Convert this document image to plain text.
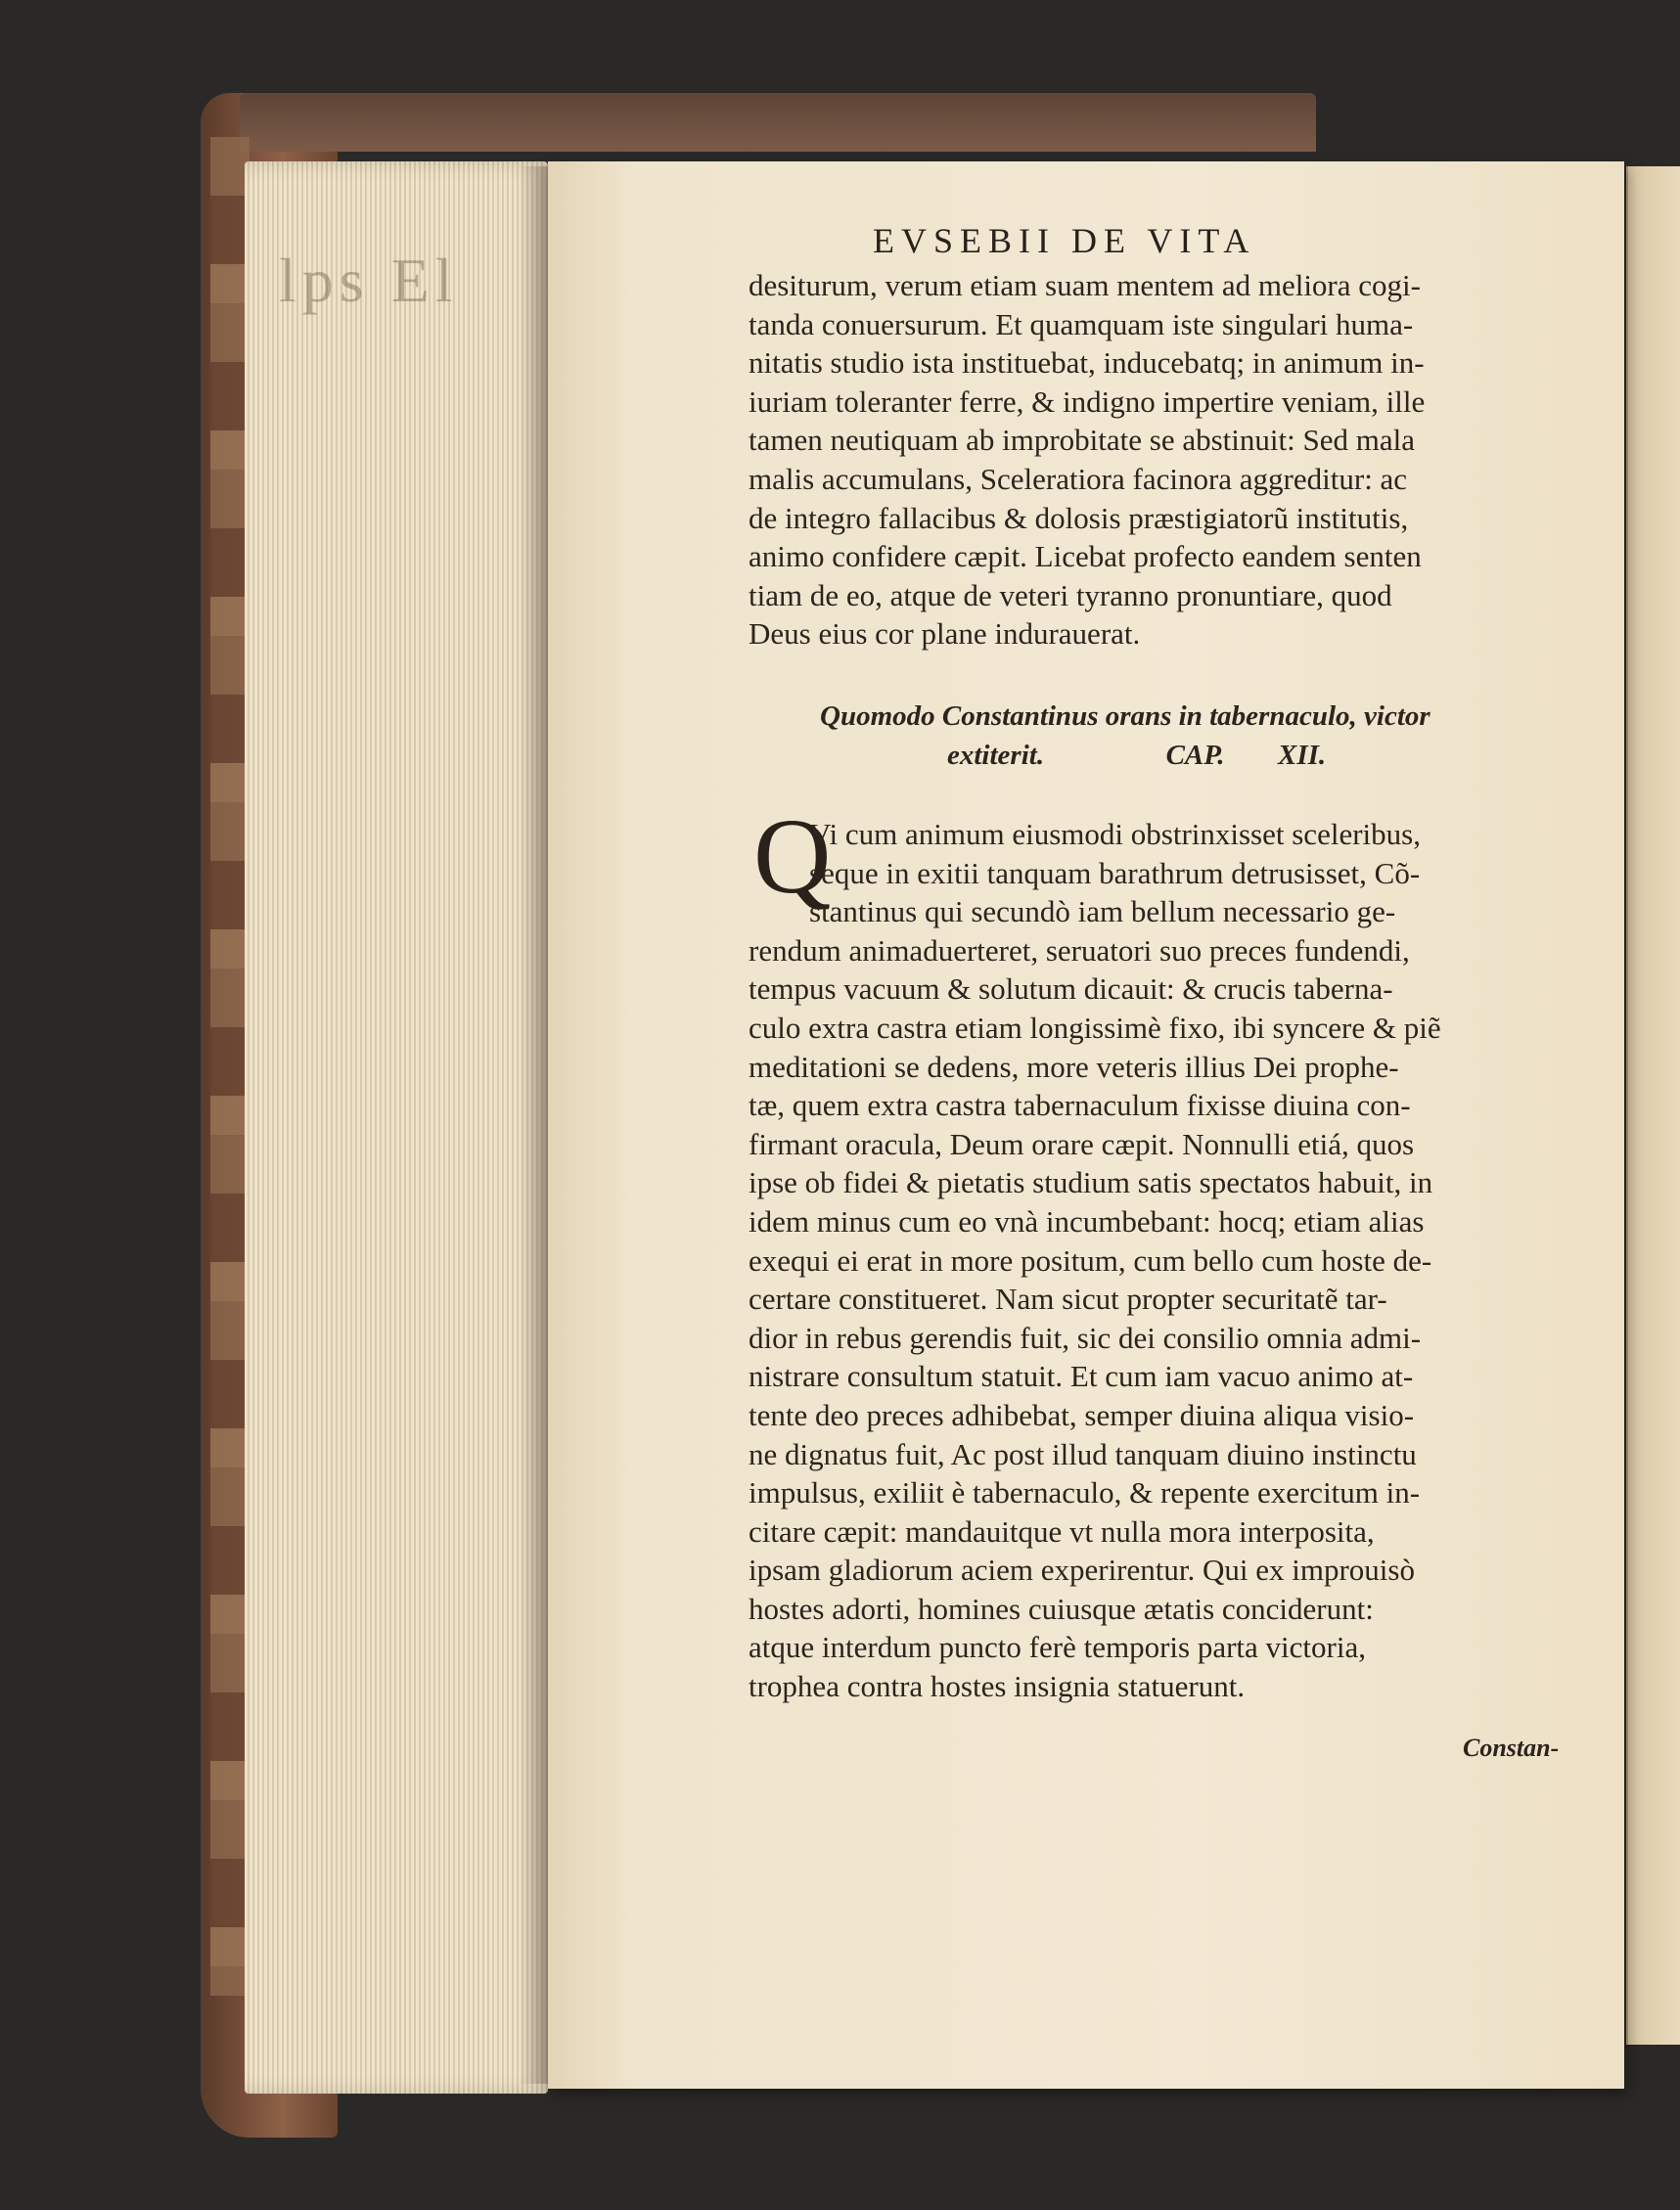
lps El
EVSEBII DE VITA
desiturum, verum etiam suam mentem ad meliora cogi-
tanda conuersurum. Et quamquam iste singulari huma-
nitatis studio ista instituebat, inducebatq; in animum in-
iuriam toleranter ferre, & indigno impertire veniam, ille
tamen neutiquam ab improbitate se abstinuit: Sed mala
malis accumulans, Sceleratiora facinora aggreditur: ac
de integro fallacibus & dolosis præstigiatorũ institutis,
animo confidere cæpit. Licebat profecto eandem senten
tiam de eo, atque de veteri tyranno pronuntiare, quod
Deus eius cor plane indurauerat.
Quomodo Constantinus orans in tabernaculo, victor
extiterit.	CAP. XII.
Q
Vi cum animum eiusmodi obstrinxisset sceleribus,
seque in exitii tanquam barathrum detrusisset, Cõ-
stantinus qui secundò iam bellum necessario ge-
rendum animaduerteret, seruatori suo preces fundendi,
tempus vacuum & solutum dicauit: & crucis taberna-
culo extra castra etiam longissimè fixo, ibi syncere & piẽ
meditationi se dedens, more veteris illius Dei prophe-
tæ, quem extra castra tabernaculum fixisse diuina con-
firmant oracula, Deum orare cæpit. Nonnulli etiá, quos
ipse ob fidei & pietatis studium satis spectatos habuit, in
idem minus cum eo vnà incumbebant: hocq; etiam alias
exequi ei erat in more positum, cum bello cum hoste de-
certare constitueret. Nam sicut propter securitatẽ tar-
dior in rebus gerendis fuit, sic dei consilio omnia admi-
nistrare consultum statuit. Et cum iam vacuo animo at-
tente deo preces adhibebat, semper diuina aliqua visio-
ne dignatus fuit, Ac post illud tanquam diuino instinctu
impulsus, exiliit è tabernaculo, & repente exercitum in-
citare cæpit: mandauitque vt nulla mora interposita,
ipsam gladiorum aciem experirentur. Qui ex improuisò
hostes adorti, homines cuiusque ætatis conciderunt:
atque interdum puncto ferè temporis parta victoria,
trophea contra hostes insignia statuerunt.
Constan-
